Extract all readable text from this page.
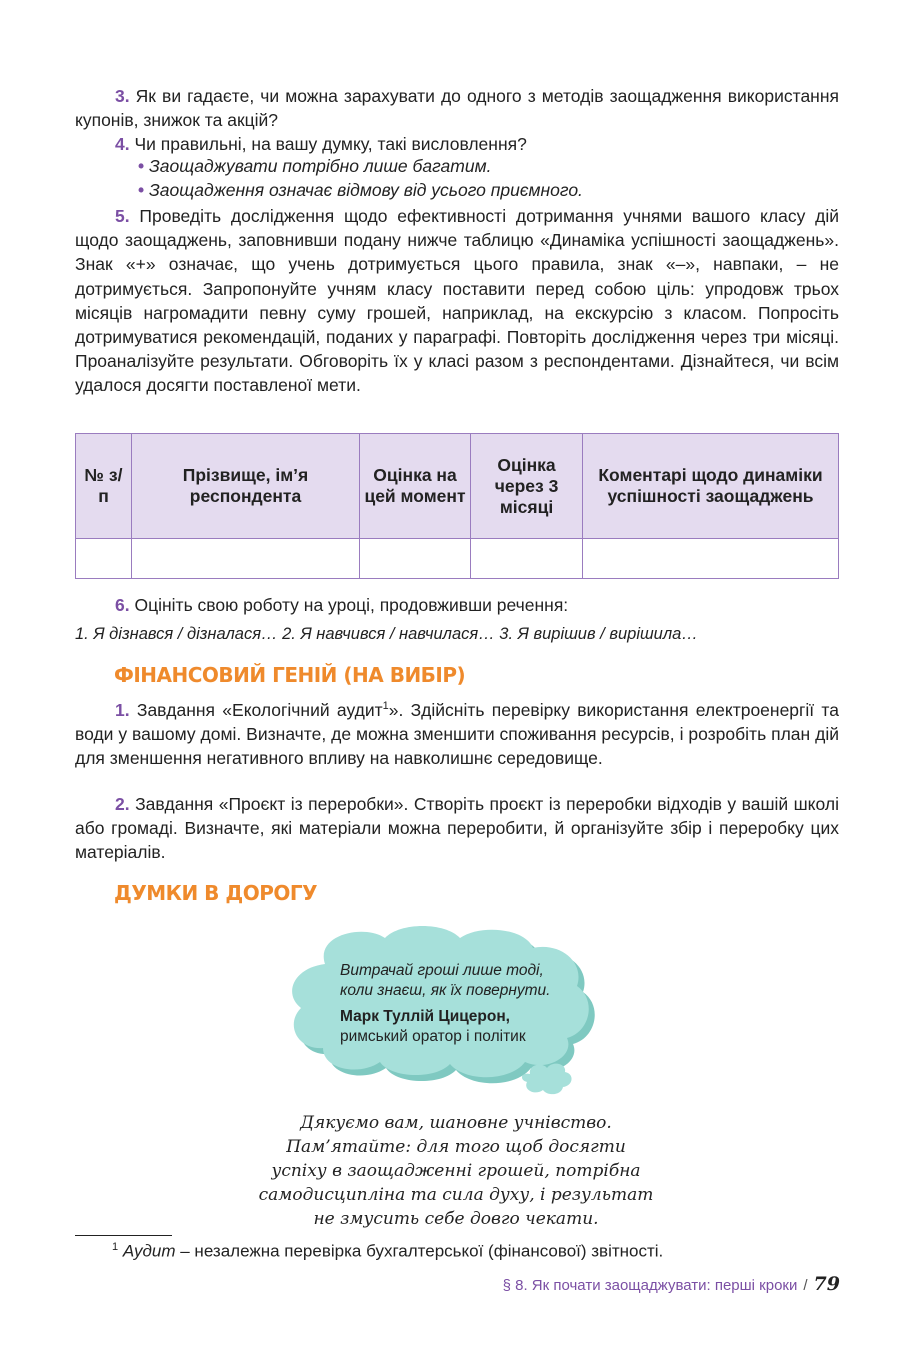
3. Як ви гадаєте, чи можна зарахувати до одного з методів заощадження використання купонів, знижок та акцій?

4. Чи правильні, на вашу думку, такі висловлення?

• Заощаджувати потрібно лише багатим.

• Заощадження означає відмову від усього приємного.

5. Проведіть дослідження щодо ефективності дотримання учнями вашого класу дій щодо заощаджень, заповнивши подану нижче таблицю «Динаміка успішності заощаджень». Знак «+» означає, що учень дотримується цього правила, знак «–», навпаки, – не дотримується. Запропонуйте учням класу поставити перед собою ціль: упродовж трьох місяців нагромадити певну суму грошей, наприклад, на екскурсію з класом. Попросіть дотримуватися рекомендацій, поданих у параграфі. Повторіть дослідження через три місяці. Проаналізуйте результати. Обговоріть їх у класі разом з респондентами. Дізнайтеся, чи всім удалося досягти поставленої мети.

№ з/п	Прізвище, ім’я респондента	Оцінка на цей момент	Оцінка через 3 місяці	Коментарі щодо динаміки успішності заощаджень

6. Оцініть свою роботу на уроці, продовживши речення:

1. Я дізнався / дізналася… 2. Я навчився / навчилася… 3. Я вирішив / вирішила…

ФІНАНСОВИЙ ГЕНІЙ (НА ВИБІР)

1. Завдання «Екологічний аудит$^1$». Здійсніть перевірку використання електроенергії та води у вашому домі. Визначте, де можна зменшити споживання ресурсів, і розробіть план дій для зменшення негативного впливу на навколишнє середовище.

2. Завдання «Проєкт із переробки». Створіть проєкт із переробки відходів у вашій школі або громаді. Визначте, які матеріали можна переробити, й організуйте збір і переробку цих матеріалів.

ДУМКИ В ДОРОГУ

Витрачай гроші лише тоді,

коли знаєш, як їх повернути.

Марк Туллій Цицерон,

римський оратор і політик

Дякуємо вам, шановне учнівство.

Пам’ятайте: для того щоб досягти

успіху в заощадженні грошей, потрібна

самодисципліна та сила духу, і результат

не змусить себе довго чекати.

$^1$ Аудит – незалежна перевірка бухгалтерської (фінансової) звітності.

§ 8. Як почати заощаджувати: перші кроки / 79
